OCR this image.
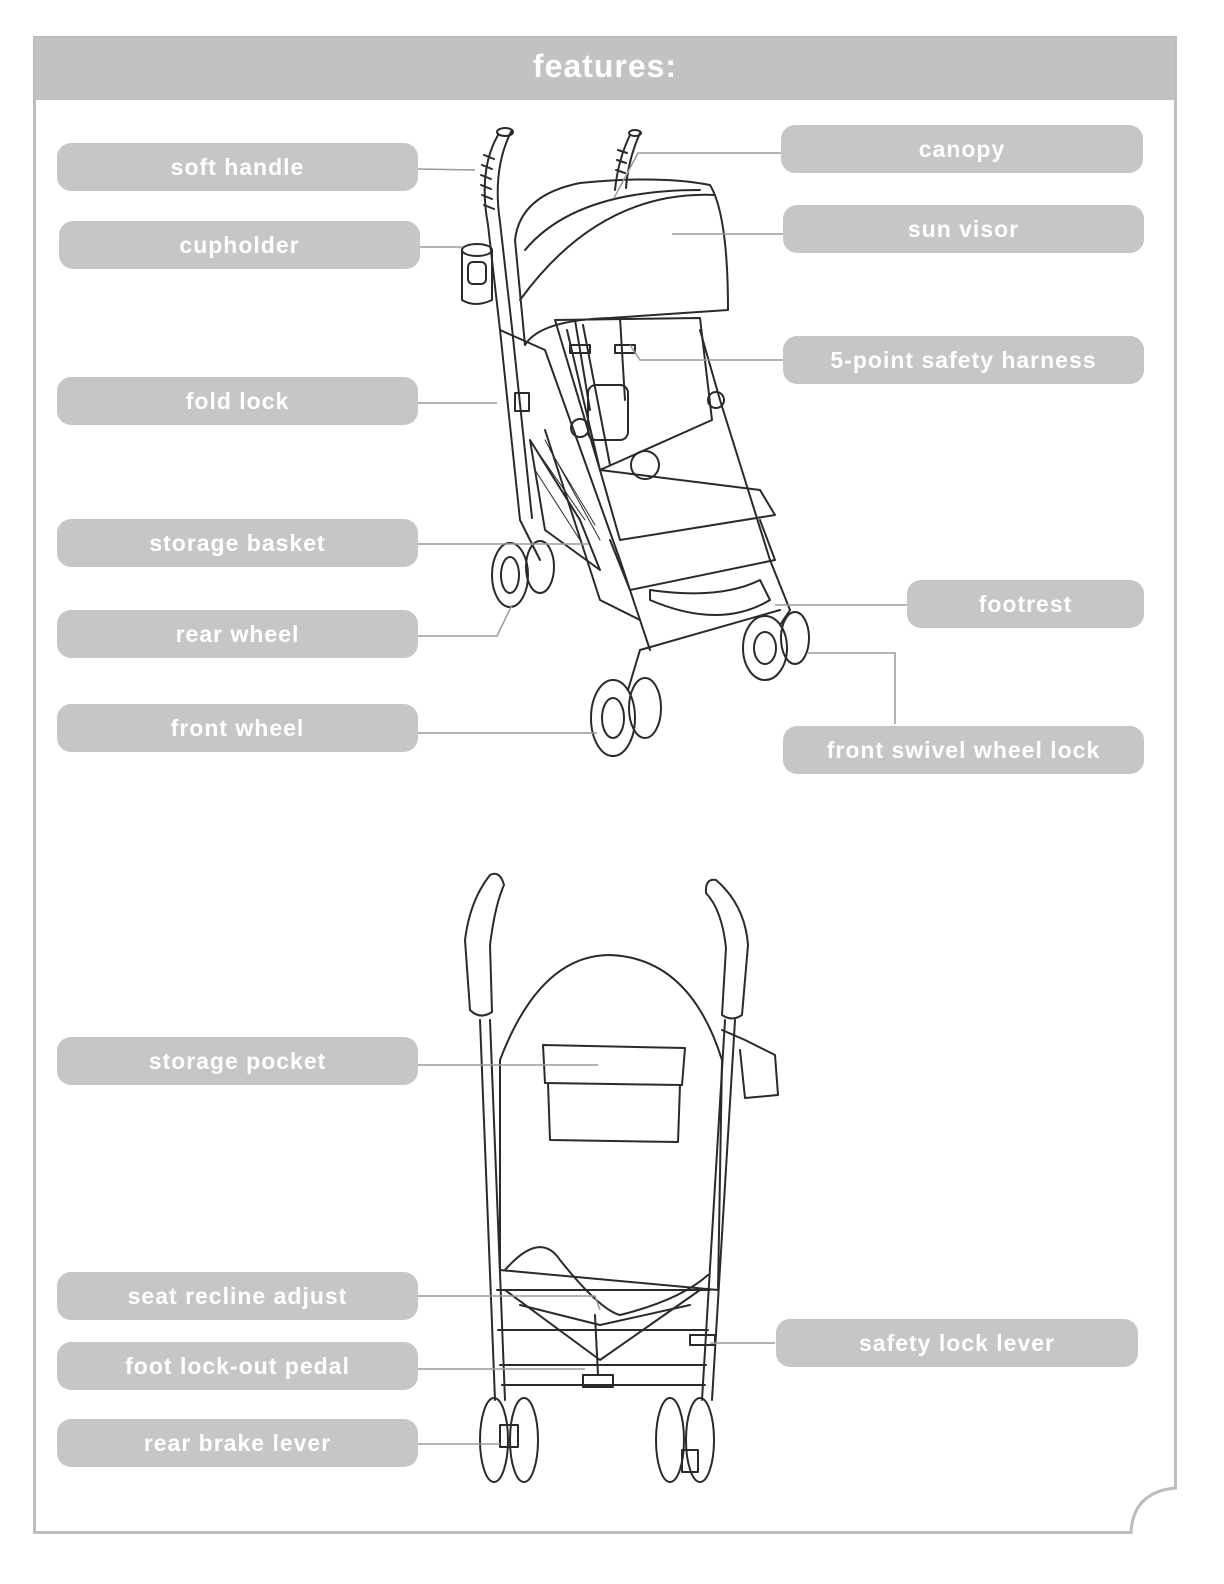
features:
soft handle
cupholder
fold lock
storage basket
rear wheel
front wheel
canopy
sun visor
5-point safety harness
footrest
front swivel wheel lock
storage pocket
seat recline adjust
foot lock-out pedal
rear brake lever
safety lock lever
